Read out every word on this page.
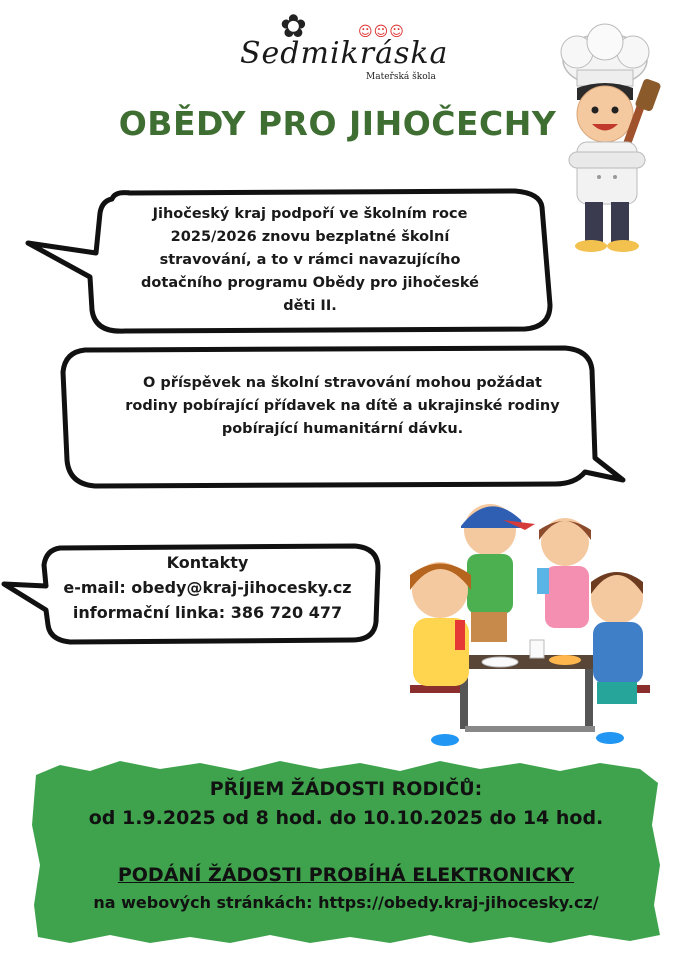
✿	☺☺☺
Sedmikráska
Mateřská škola
OBĚDY PRO JIHOČECHY
Jihočeský kraj podpoří ve školním roce
2025/2026 znovu bezplatné školní
stravování, a to v rámci navazujícího
dotačního programu Obědy pro jihočeské
děti II.
O příspěvek na školní stravování mohou požádat
rodiny pobírající přídavek na dítě a ukrajinské rodiny
pobírající humanitární dávku.
Kontakty
e-mail: obedy@kraj-jihocesky.cz
informační linka: 386 720 477
PŘÍJEM ŽÁDOSTI RODIČŮ:
od 1.9.2025 od 8 hod. do 10.10.2025 do 14 hod.
PODÁNÍ ŽÁDOSTI PROBÍHÁ ELEKTRONICKY
na webových stránkách: https://obedy.kraj-jihocesky.cz/
